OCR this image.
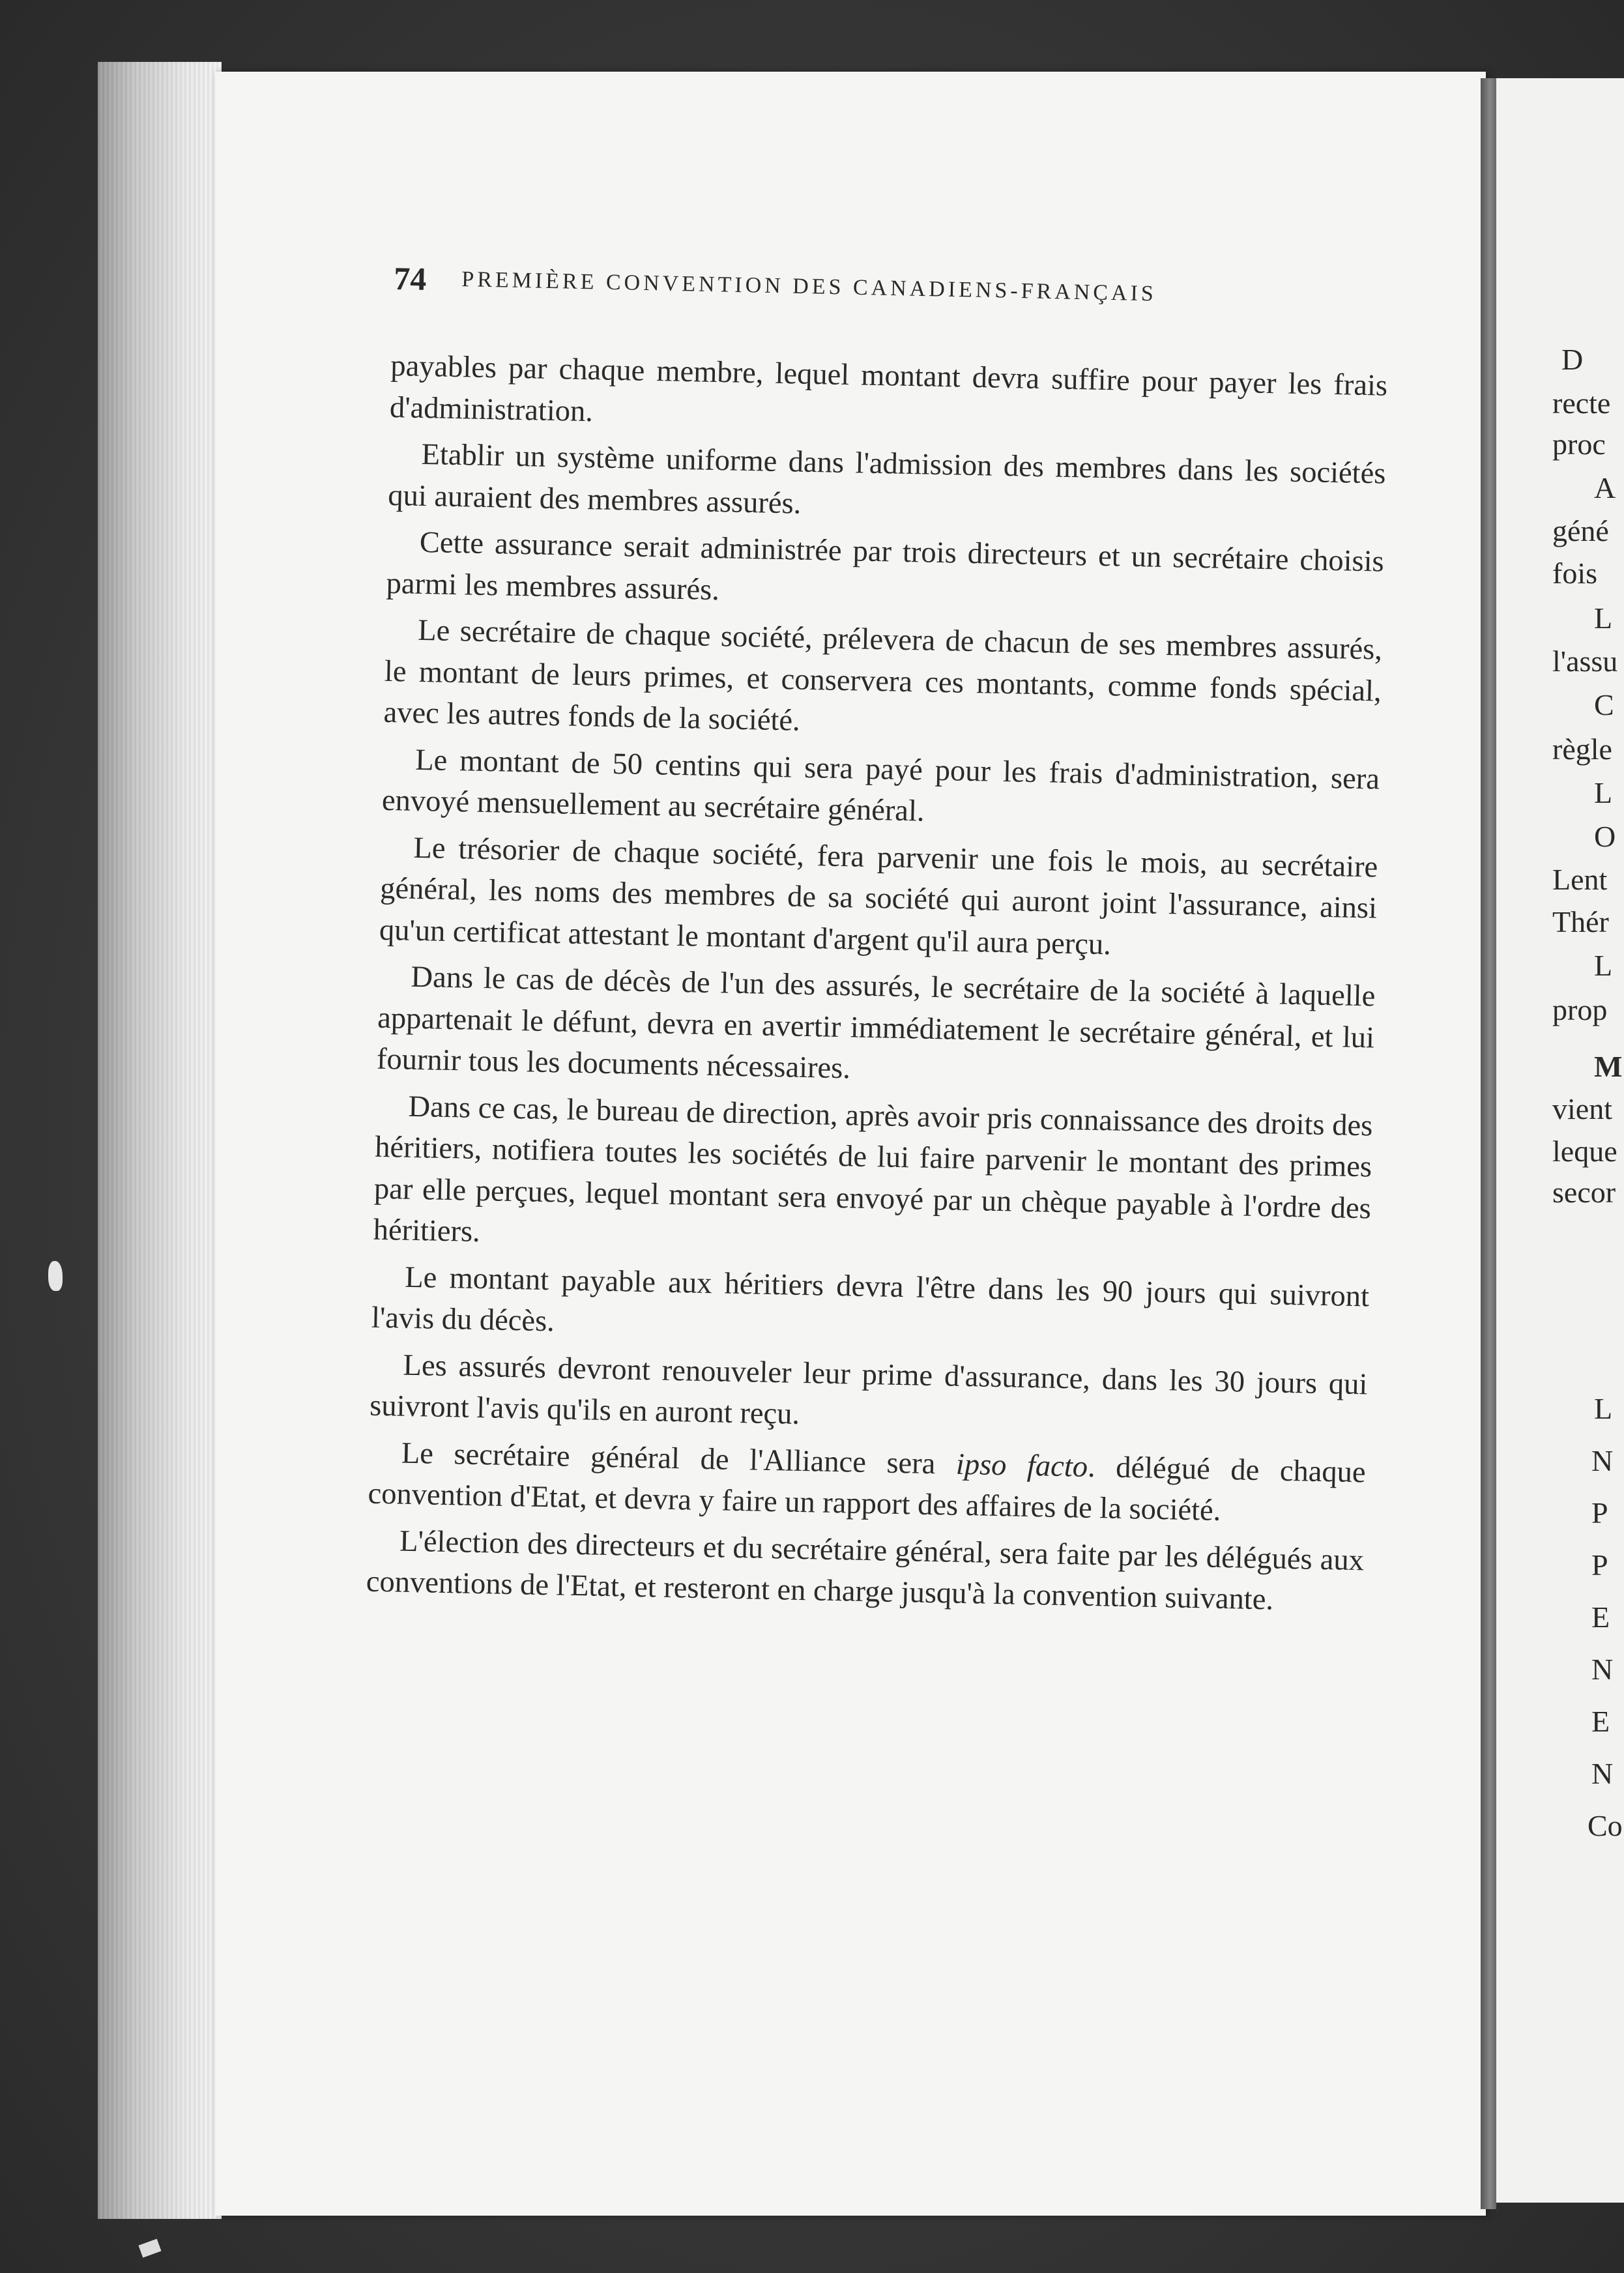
74 PREMIÈRE CONVENTION DES CANADIENS-FRANÇAIS

payables par chaque membre, lequel montant devra suffire pour payer les frais d'administration.

Etablir un système uniforme dans l'admission des membres dans les sociétés qui auraient des membres assurés.

Cette assurance serait administrée par trois directeurs et un secrétaire choisis parmi les membres assurés.

Le secrétaire de chaque société, prélevera de chacun de ses membres assurés, le montant de leurs primes, et conservera ces montants, comme fonds spécial, avec les autres fonds de la société.

Le montant de 50 centins qui sera payé pour les frais d'administration, sera envoyé mensuellement au secrétaire général.

Le trésorier de chaque société, fera parvenir une fois le mois, au secrétaire général, les noms des membres de sa société qui auront joint l'assurance, ainsi qu'un certificat attestant le montant d'argent qu'il aura perçu.

Dans le cas de décès de l'un des assurés, le secrétaire de la société à laquelle appartenait le défunt, devra en avertir immédiatement le secrétaire général, et lui fournir tous les documents nécessaires.

Dans ce cas, le bureau de direction, après avoir pris connaissance des droits des héritiers, notifiera toutes les sociétés de lui faire parvenir le montant des primes par elle perçues, lequel montant sera envoyé par un chèque payable à l'ordre des héritiers.

Le montant payable aux héritiers devra l'être dans les 90 jours qui suivront l'avis du décès.

Les assurés devront renouveler leur prime d'assurance, dans les 30 jours qui suivront l'avis qu'ils en auront reçu.

Le secrétaire général de l'Alliance sera ipso facto. délégué de chaque convention d'Etat, et devra y faire un rapport des affaires de la société.

L'élection des directeurs et du secrétaire général, sera faite par les délégués aux conventions de l'Etat, et resteront en charge jusqu'à la convention suivante.

D
recte
proc
A
géné
fois
L
l'assu
C
règle
L
O
Lent
Thér
L
prop
M
vient
leque
secor
L
N
P
P
E
N
E
N
Co
